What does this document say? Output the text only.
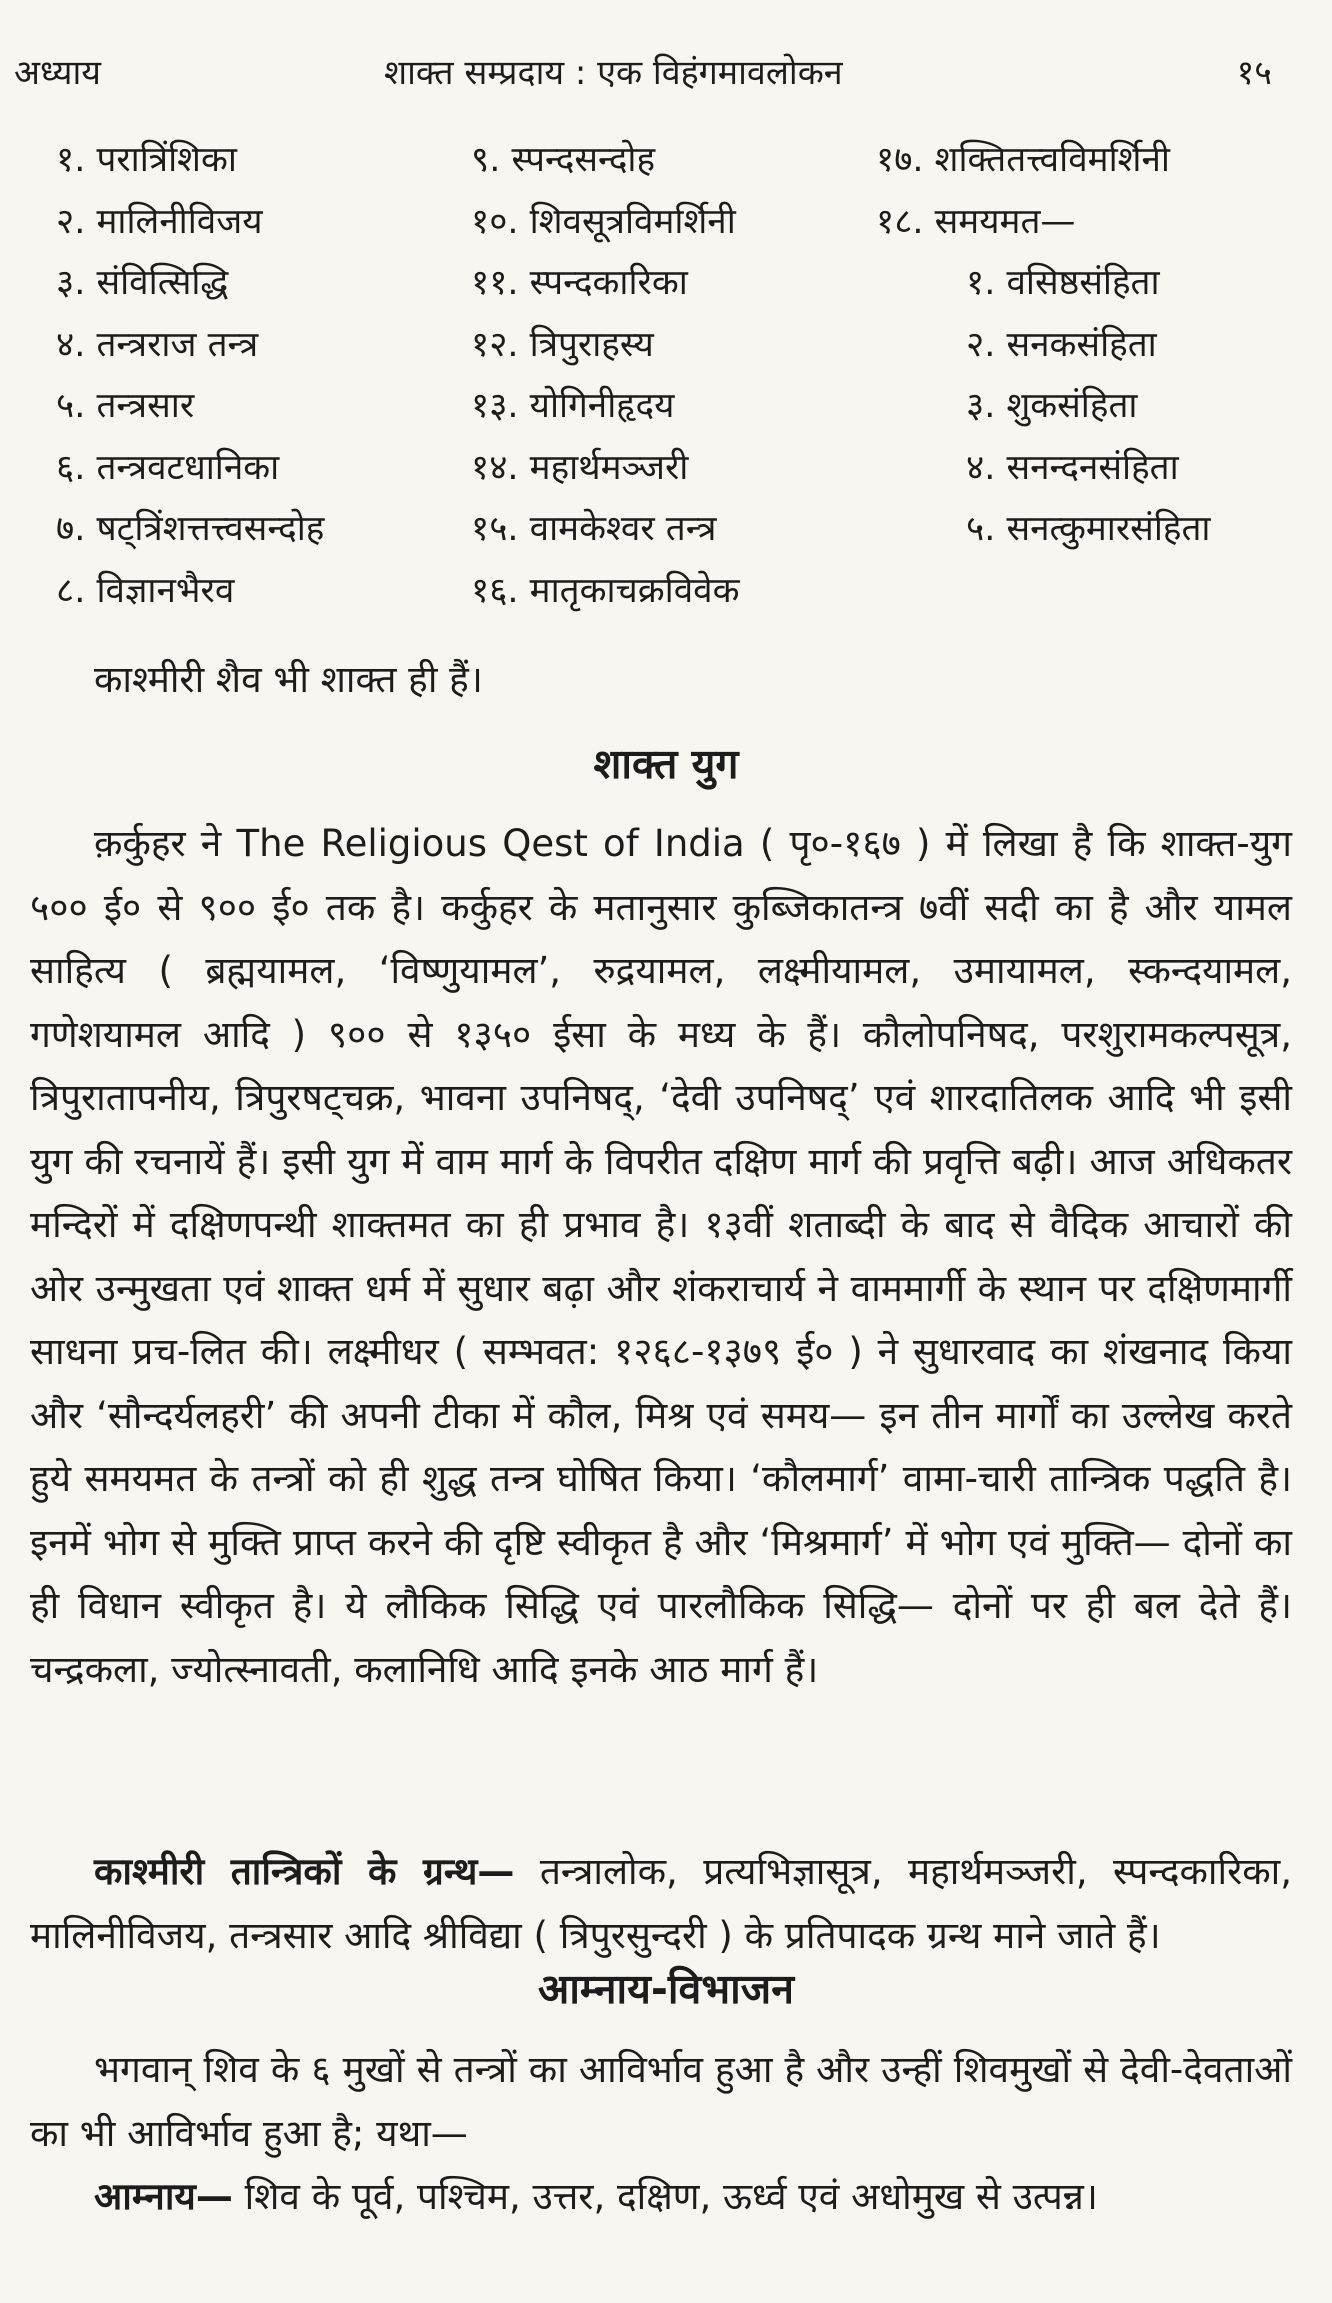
अध्याय	शाक्त सम्प्रदाय : एक विहंगमावलोकन	१५
१. परात्रिंशिका
२. मालिनीविजय
३. संवित्सिद्धि
४. तन्त्रराज तन्त्र
५. तन्त्रसार
६. तन्त्रवटधानिका
७. षट्त्रिंशत्तत्त्वसन्दोह
८. विज्ञानभैरव
९. स्पन्दसन्दोह
१०. शिवसूत्रविमर्शिनी
११. स्पन्दकारिका
१२. त्रिपुराहस्य
१३. योगिनीहृदय
१४. महार्थमञ्जरी
१५. वामकेश्वर तन्त्र
१६. मातृकाचक्रविवेक
१७. शक्तितत्त्वविमर्शिनी
१८. समयमत—
१. वसिष्ठसंहिता
२. सनकसंहिता
३. शुकसंहिता
४. सनन्दनसंहिता
५. सनत्कुमारसंहिता

काश्मीरी शैव भी शाक्त ही हैं।

शाक्त युग

क़र्कुहर ने The Religious Qest of India ( पृ०-१६७ ) में लिखा है कि शाक्त-युग ५०० ई० से ९०० ई० तक है। कर्कुहर के मतानुसार कुब्जिकातन्त्र ७वीं सदी का है और यामल साहित्य ( ब्रह्मयामल, ‘विष्णुयामल’, रुद्रयामल, लक्ष्मीयामल, उमायामल, स्कन्दयामल, गणेशयामल आदि ) ९०० से १३५० ईसा के मध्य के हैं। कौलोपनिषद, परशुरामकल्पसूत्र, त्रिपुरातापनीय, त्रिपुरषट्चक्र, भावना उपनिषद्, ‘देवी उपनिषद्’ एवं शारदातिलक आदि भी इसी युग की रचनायें हैं। इसी युग में वाम मार्ग के विपरीत दक्षिण मार्ग की प्रवृत्ति बढ़ी। आज अधिकतर मन्दिरों में दक्षिणपन्थी शाक्तमत का ही प्रभाव है। १३वीं शताब्दी के बाद से वैदिक आचारों की ओर उन्मुखता एवं शाक्त धर्म में सुधार बढ़ा और शंकराचार्य ने वाममार्गी के स्थान पर दक्षिणमार्गी साधना प्रच-लित की। लक्ष्मीधर ( सम्भवत: १२६८-१३७९ ई० ) ने सुधारवाद का शंखनाद किया और ‘सौन्दर्यलहरी’ की अपनी टीका में कौल, मिश्र एवं समय— इन तीन मार्गों का उल्लेख करते हुये समयमत के तन्त्रों को ही शुद्ध तन्त्र घोषित किया। ‘कौलमार्ग’ वामा-चारी तान्त्रिक पद्धति है। इनमें भोग से मुक्ति प्राप्त करने की दृष्टि स्वीकृत है और ‘मिश्रमार्ग’ में भोग एवं मुक्ति— दोनों का ही विधान स्वीकृत है। ये लौकिक सिद्धि एवं पारलौकिक सिद्धि— दोनों पर ही बल देते हैं। चन्द्रकला, ज्योत्स्नावती, कलानिधि आदि इनके आठ मार्ग हैं।

काश्मीरी तान्त्रिकों के ग्रन्थ— तन्त्रालोक, प्रत्यभिज्ञासूत्र, महार्थमञ्जरी, स्पन्दकारिका, मालिनीविजय, तन्त्रसार आदि श्रीविद्या ( त्रिपुरसुन्दरी ) के प्रतिपादक ग्रन्थ माने जाते हैं।

आम्नाय-विभाजन

भगवान् शिव के ६ मुखों से तन्त्रों का आविर्भाव हुआ है और उन्हीं शिवमुखों से देवी-देवताओं का भी आविर्भाव हुआ है; यथा—

आम्नाय— शिव के पूर्व, पश्चिम, उत्तर, दक्षिण, ऊर्ध्व एवं अधोमुख से उत्पन्न।
